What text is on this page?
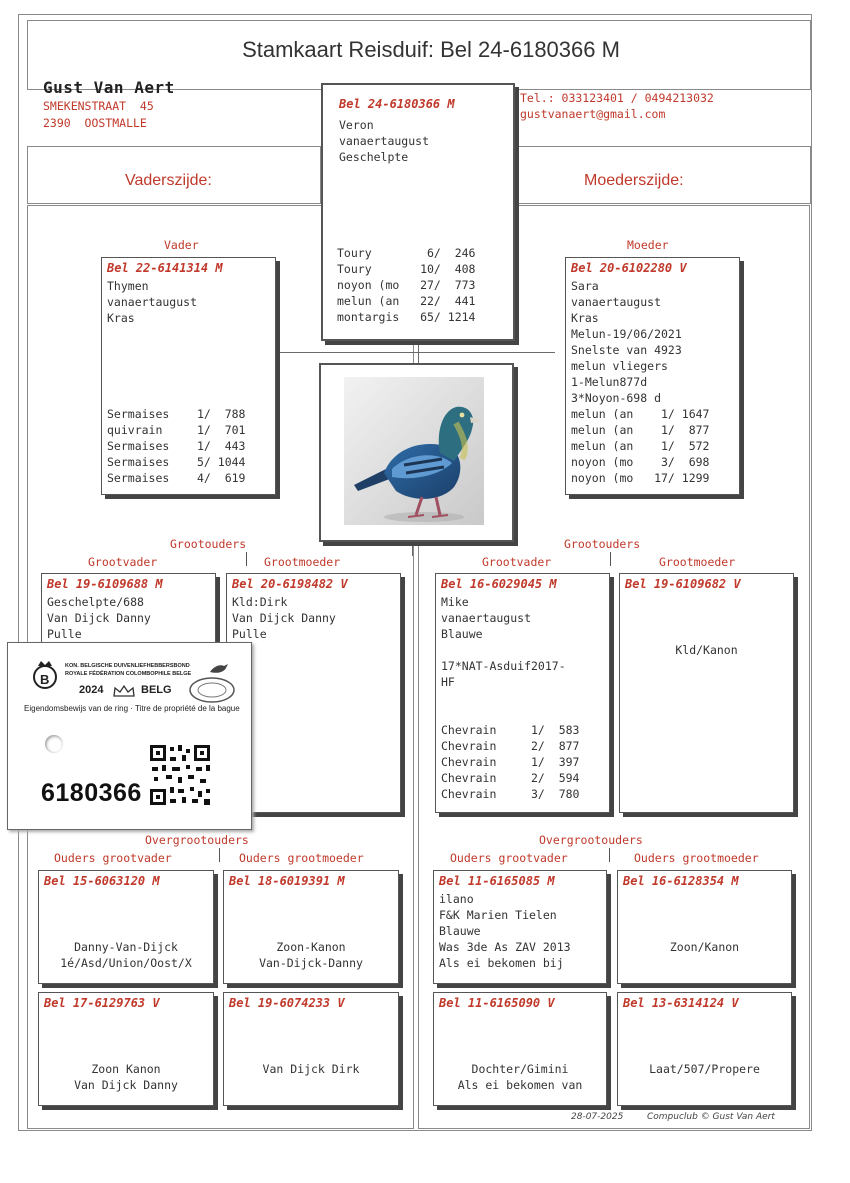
Stamkaart Reisduif: Bel 24-6180366 M
Gust Van Aert
SMEKENSTRAAT  45
2390  OOSTMALLE
Tel.: 033123401 / 0494213032
gustvanaert@gmail.com
Vaderszijde:	Moederszijde:
Bel 24-6180366 M
Veron
vanaertaugust
Geschelpte
Toury        6/  246
Toury       10/  408
noyon (mo   27/  773
melun (an   22/  441
montargis   65/ 1214
Vader	Moeder
Bel 22-6141314 M
Thymen
vanaertaugust
Kras
Sermaises    1/  788
quivrain     1/  701
Sermaises    1/  443
Sermaises    5/ 1044
Sermaises    4/  619
Bel 20-6102280 V
Sara
vanaertaugust
Kras
Melun-19/06/2021
Snelste van 4923
melun vliegers
1-Melun877d
3*Noyon-698 d
melun (an    1/ 1647
melun (an    1/  877
melun (an    1/  572
noyon (mo    3/  698
noyon (mo   17/ 1299
Grootouders	Grootouders
Grootvader	Grootmoeder	Grootvader	Grootmoeder
Bel 19-6109688 M
Geschelpte/688
Van Dijck Danny
Pulle
Bel 20-6198482 V
Kld:Dirk
Van Dijck Danny
Pulle
Bel 16-6029045 M
Mike
vanaertaugust
Blauwe
17*NAT-Asduif2017-
HF
Chevrain     1/  583
Chevrain     2/  877
Chevrain     1/  397
Chevrain     2/  594
Chevrain     3/  780
Bel 19-6109682 V
Kld/Kanon
Overgrootouders	Overgrootouders
Ouders grootvader	Ouders grootmoeder	Ouders grootvader	Ouders grootmoeder
Bel 15-6063120 M
Danny-Van-Dijck
1é/Asd/Union/Oost/X
Bel 18-6019391 M
Zoon-Kanon
Van-Dijck-Danny
Bel 11-6165085 M
ilano
F&K Marien Tielen
Blauwe
Was 3de As ZAV 2013
Als ei bekomen bij
Bel 16-6128354 M
Zoon/Kanon
Bel 17-6129763 V
Zoon Kanon
Van Dijck Danny
Bel 19-6074233 V
Van Dijck Dirk
Bel 11-6165090 V
Dochter/Gimini
Als ei bekomen van
Bel 13-6314124 V
Laat/507/Propere
28-07-2025	Compuclub © Gust Van Aert
B
KON. BELGISCHE DUIVENLIEFHEBBERSBOND
ROYALE FÉDÉRATION COLOMBOPHILE BELGE
2024	BELG
Eigendomsbewijs van de ring · Titre de propriété de la bague
6180366
